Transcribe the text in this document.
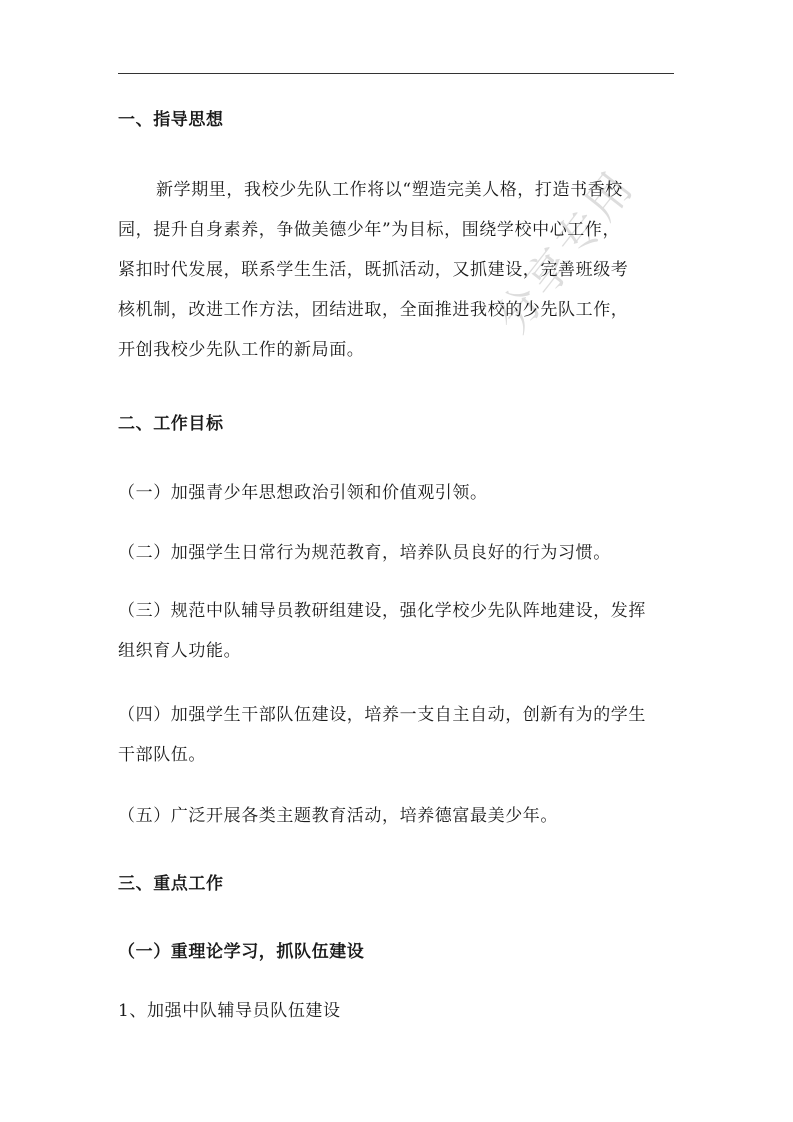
分享专用
一、指导思想
新学期里，我校少先队工作将以“塑造完美人格，打造书香校
园，提升自身素养，争做美德少年”为目标，围绕学校中心工作，
紧扣时代发展，联系学生生活，既抓活动，又抓建设，完善班级考
核机制，改进工作方法，团结进取，全面推进我校的少先队工作，
开创我校少先队工作的新局面。
二、工作目标
（一）加强青少年思想政治引领和价值观引领。
（二）加强学生日常行为规范教育，培养队员良好的行为习惯。
（三）规范中队辅导员教研组建设，强化学校少先队阵地建设，发挥
组织育人功能。
（四）加强学生干部队伍建设，培养一支自主自动，创新有为的学生
干部队伍。
（五）广泛开展各类主题教育活动，培养德富最美少年。
三、重点工作
（一）重理论学习，抓队伍建设
1、加强中队辅导员队伍建设
